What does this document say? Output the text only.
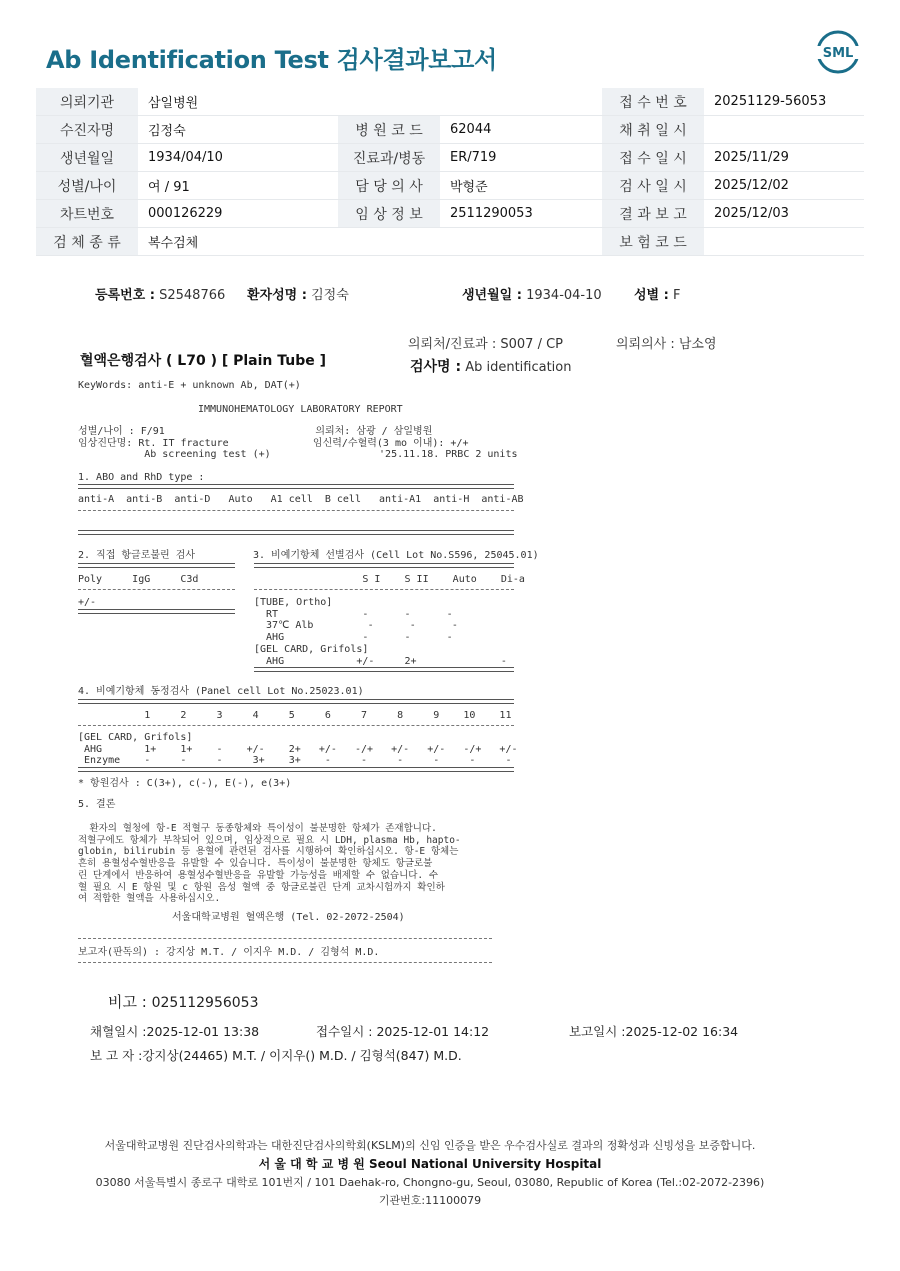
Ab Identification Test 검사결과보고서	SML
의뢰기관	삼일병원			접 수 번 호	20251129-56053
수진자명	김정숙	병 원 코 드	62044	채 취 일 시	
생년월일	1934/04/10	진료과/병동	ER/719	접 수 일 시	2025/11/29
성별/나이	여 / 91	담 당 의 사	박형준	검 사 일 시	2025/12/02
차트번호	000126229	임 상 정 보	2511290053	결 과 보 고	2025/12/03
검 체 종 류	복수검체			보 험 코 드	
등록번호 : S2548766 환자성명 : 김정숙	생년월일 : 1934-04-10 성별 : F
의뢰처/진료과 : S007 / CP	의뢰의사 : 남소영
혈액은행검사 ( L70 ) [ Plain Tube ]	검사명 : Ab identification
KeyWords: anti-E + unknown Ab, DAT(+)
IMMUNOHEMATOLOGY LABORATORY REPORT
성별/나이 : F/91                         의뢰처: 삼광 / 삼일병원
임상진단명: Rt. IT fracture              임신력/수혈력(3 mo 이내): +/+
Ab screening test (+)                  '25.11.18. PRBC 2 units
1. ABO and RhD type :
anti-A  anti-B  anti-D   Auto   A1 cell  B cell   anti-A1  anti-H  anti-AB
2. 직접 항글로불린 검사	3. 비예기항체 선별검사 (Cell Lot No.S596, 25045.01)
Poly     IgG     C3d	S I    S II    Auto    Di-a
+/-	[TUBE, Ortho]
RT              -      -      -
37℃ Alb         -      -      -
AHG             -      -      -
[GEL CARD, Grifols]
AHG            +/-     2+              -
4. 비예기항체 동정검사 (Panel cell Lot No.25023.01)
1     2     3     4     5     6     7     8     9    10    11
[GEL CARD, Grifols]
AHG       1+    1+    -    +/-    2+   +/-   -/+   +/-   +/-   -/+   +/-
Enzyme    -     -     -     3+    3+    -     -     -     -     -     -
* 항원검사 : C(3+), c(-), E(-), e(3+)
5. 결론
환자의 혈청에 항-E 적혈구 동종항체와 특이성이 불분명한 항체가 존재합니다.
적혈구에도 항체가 부착되어 있으며, 임상적으로 필요 시 LDH, plasma Hb, hapto-
globin, bilirubin 등 용혈에 관련된 검사를 시행하여 확인하십시오. 항-E 항체는
흔히 용혈성수혈반응을 유발할 수 있습니다. 특이성이 불분명한 항체도 항글로불
린 단계에서 반응하여 용혈성수혈반응을 유발할 가능성을 배제할 수 없습니다. 수
혈 필요 시 E 항원 및 c 항원 음성 혈액 중 항글로불린 단계 교차시험까지 확인하
여 적합한 혈액을 사용하십시오.
서울대학교병원 혈액은행 (Tel. 02-2072-2504)
보고자(판독의) : 강지상 M.T. / 이지우 M.D. / 김형석 M.D.
비고 : 025112956053
채혈일시 :2025-12-01 13:38	접수일시 : 2025-12-01 14:12	보고일시 :2025-12-02 16:34
보 고 자 :강지상(24465) M.T. / 이지우() M.D. / 김형석(847) M.D.
서울대학교병원 진단검사의학과는 대한진단검사의학회(KSLM)의 신임 인증을 받은 우수검사실로 결과의 정확성과 신빙성을 보증합니다.
서 울 대 학 교 병 원 Seoul National University Hospital
03080 서울특별시 종로구 대학로 101번지 / 101 Daehak-ro, Chongno-gu, Seoul, 03080, Republic of Korea (Tel.:02-2072-2396)
기관번호:11100079
